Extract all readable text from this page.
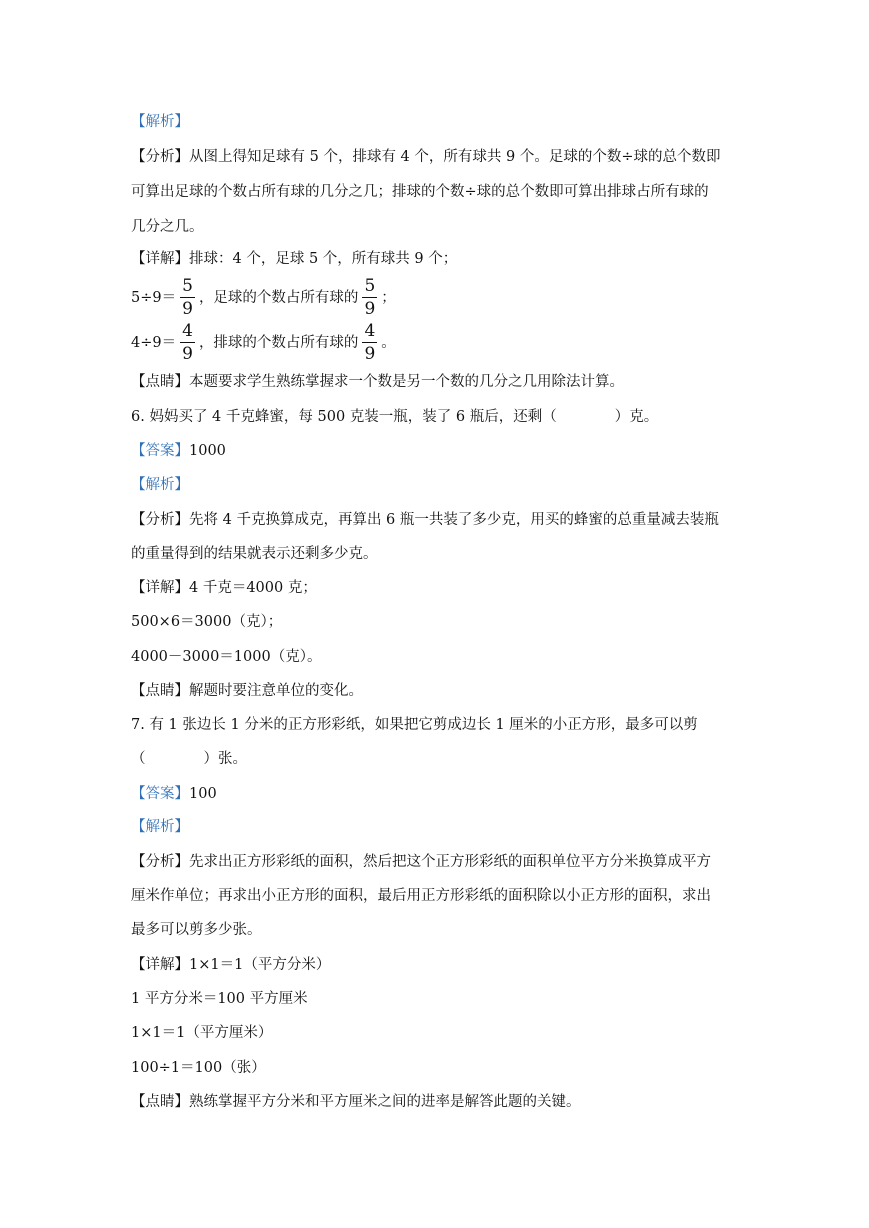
【解析】
【分析】从图上得知足球有 5 个，排球有 4 个，所有球共 9 个。足球的个数÷球的总个数即
可算出足球的个数占所有球的几分之几；排球的个数÷球的总个数即可算出排球占所有球的
几分之几。
【详解】排球：4 个，足球 5 个，所有球共 9 个；
$5\div 9= \frac{5}{9}$ ，足球的个数占所有球的 $\frac{5}{9}$ ；
$4\div 9= \frac{4}{9}$ ，排球的个数占所有球的 $\frac{4}{9}$ 。
【点睛】本题要求学生熟练掌握求一个数是另一个数的几分之几用除法计算。
6. 妈妈买了 4 千克蜂蜜，每 500 克装一瓶，装了 6 瓶后，还剩（	）克。
【答案】1000
【解析】
【分析】先将 4 千克换算成克，再算出 6 瓶一共装了多少克，用买的蜂蜜的总重量减去装瓶
的重量得到的结果就表示还剩多少克。
【详解】4 千克＝4000 克；
500×6＝3000（克）；
4000－3000＝1000（克）。
【点睛】解题时要注意单位的变化。
7. 有 1 张边长 1 分米的正方形彩纸，如果把它剪成边长 1 厘米的小正方形，最多可以剪
（	）张。
【答案】100
【解析】
【分析】先求出正方形彩纸的面积，然后把这个正方形彩纸的面积单位平方分米换算成平方
厘米作单位；再求出小正方形的面积，最后用正方形彩纸的面积除以小正方形的面积，求出
最多可以剪多少张。
【详解】1×1＝1（平方分米）
1 平方分米＝100 平方厘米
1×1＝1（平方厘米）
100÷1＝100（张）
【点睛】熟练掌握平方分米和平方厘米之间的进率是解答此题的关键。
